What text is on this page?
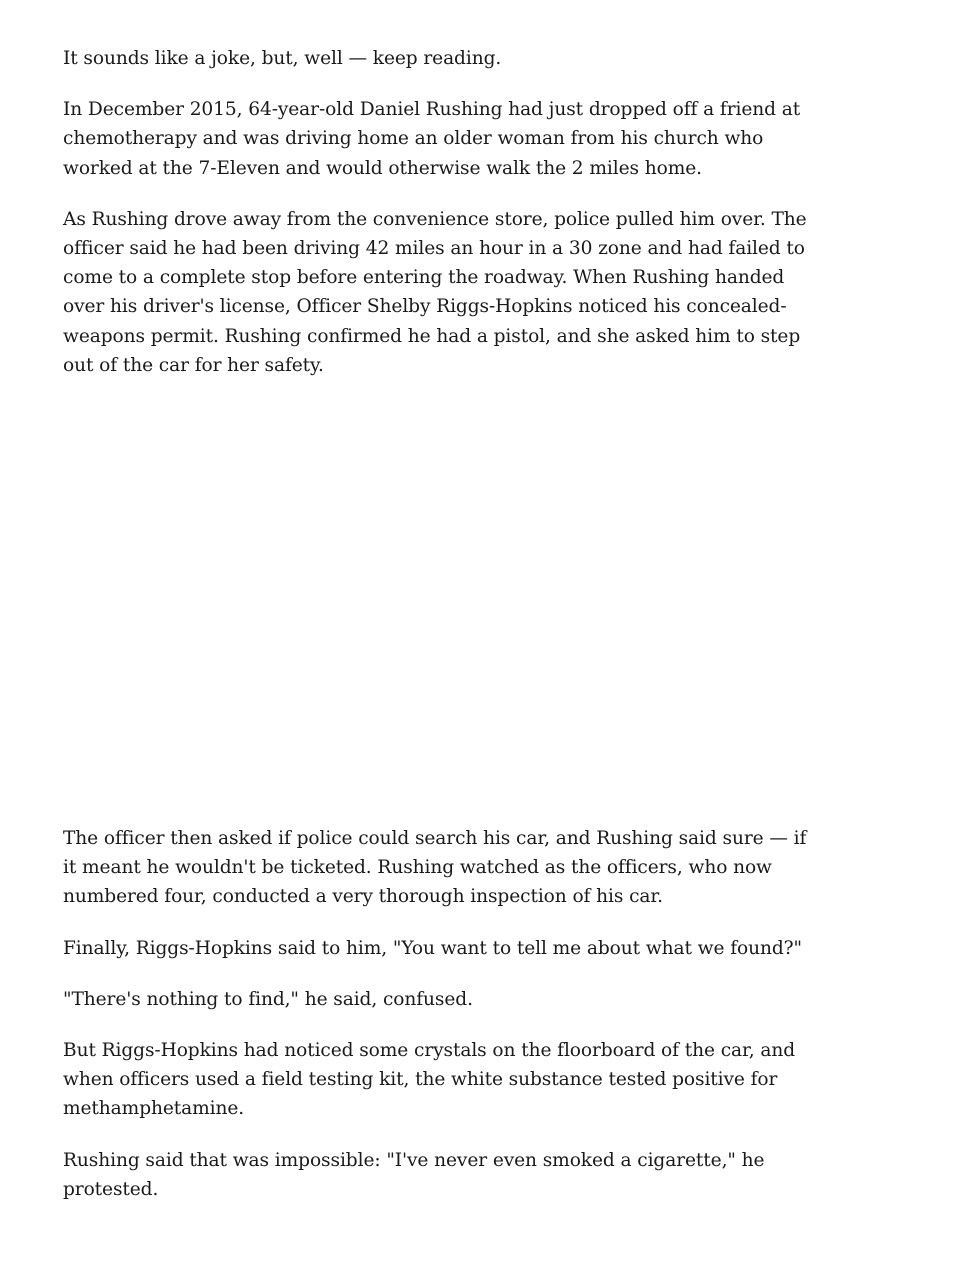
It sounds like a joke, but, well — keep reading.

In December 2015, 64-year-old Daniel Rushing had just dropped off a friend at chemotherapy and was driving home an older woman from his church who worked at the 7-Eleven and would otherwise walk the 2 miles home.

As Rushing drove away from the convenience store, police pulled him over. The officer said he had been driving 42 miles an hour in a 30 zone and had failed to come to a complete stop before entering the roadway. When Rushing handed over his driver's license, Officer Shelby Riggs-Hopkins noticed his concealed-weapons permit. Rushing confirmed he had a pistol, and she asked him to step out of the car for her safety.

The officer then asked if police could search his car, and Rushing said sure — if it meant he wouldn't be ticketed. Rushing watched as the officers, who now numbered four, conducted a very thorough inspection of his car.

Finally, Riggs-Hopkins said to him, "You want to tell me about what we found?"

"There's nothing to find," he said, confused.

But Riggs-Hopkins had noticed some crystals on the floorboard of the car, and when officers used a field testing kit, the white substance tested positive for methamphetamine.

Rushing said that was impossible: "I've never even smoked a cigarette," he protested.
